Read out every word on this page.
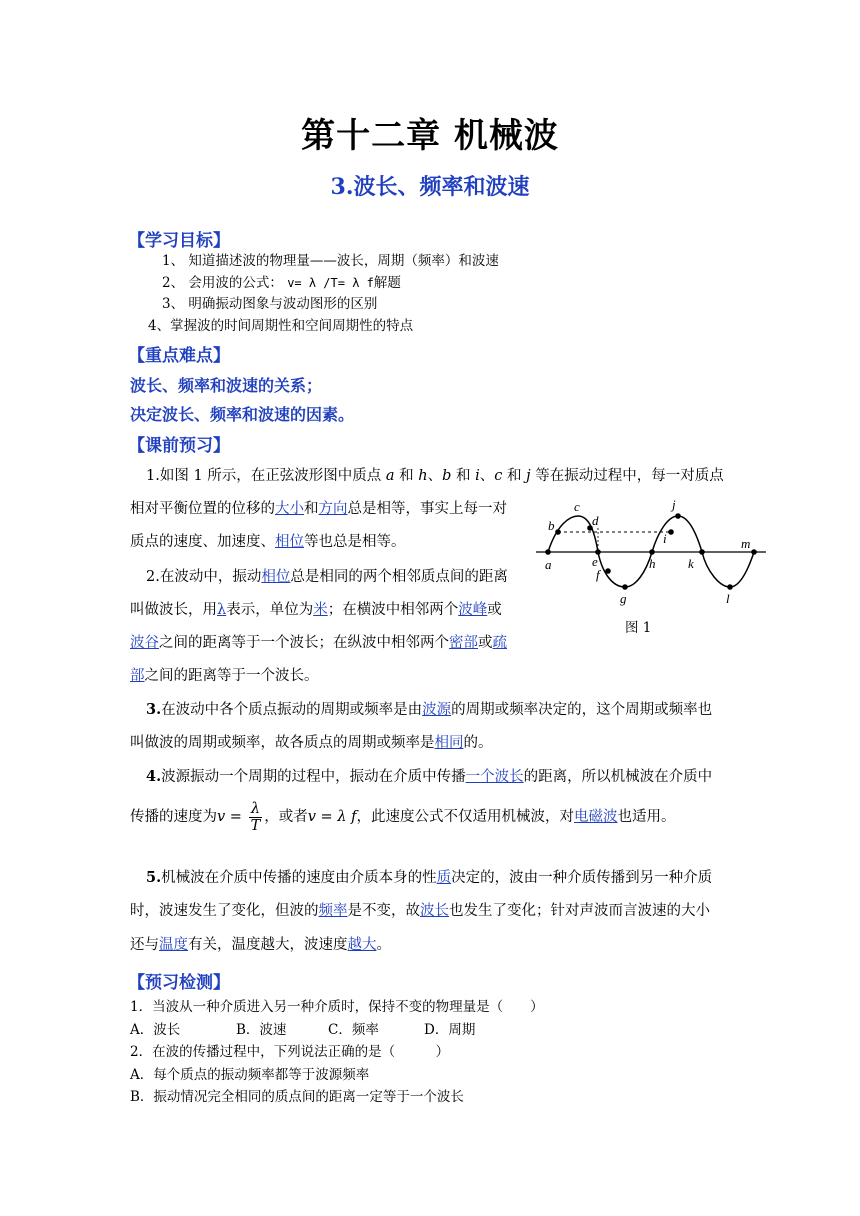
第十二章 机械波
3.波长、频率和波速
【学习目标】
1、 知道描述波的物理量——波长，周期（频率）和波速
2、 会用波的公式： v= λ /T= λ f解题
3、 明确振动图象与波动图形的区别
4、掌握波的时间周期性和空间周期性的特点
【重点难点】
波长、频率和波速的关系；
决定波长、频率和波速的因素。
【课前预习】
1.如图 1 所示，在正弦波形图中质点 a 和 h、b 和 i、c 和 j 等在振动过程中，每一对质点
相对平衡位置的位移的大小和方向总是相等，事实上每一对
质点的速度、加速度、相位等也总是相等。
2.在波动中，振动相位总是相同的两个相邻质点间的距离
叫做波长，用λ表示，单位为米；在横波中相邻两个波峰或
波谷之间的距离等于一个波长；在纵波中相邻两个密部或疏
部之间的距离等于一个波长。
a
b
c
d
e
f
g
h
i
j
k
l
m
图 1
3.在波动中各个质点振动的周期或频率是由波源的周期或频率决定的，这个周期或频率也
叫做波的周期或频率，故各质点的周期或频率是相同的。
4.波源振动一个周期的过程中，振动在介质中传播一个波长的距离，所以机械波在介质中
传播的速度为$v = \frac{\lambda}{T}$ ，或者v = λ f，此速度公式不仅适用机械波，对电磁波也适用。
5.机械波在介质中传播的速度由介质本身的性质决定的，波由一种介质传播到另一种介质
时，波速发生了变化，但波的频率是不变，故波长也发生了变化；针对声波而言波速的大小
还与温度有关，温度越大，波速度越大。
【预习检测】
1．当波从一种介质进入另一种介质时，保持不变的物理量是（　　）
A．波长	B．波速	C．频率	D．周期
2．在波的传播过程中，下列说法正确的是（　　　）
A．每个质点的振动频率都等于波源频率
B．振动情况完全相同的质点间的距离一定等于一个波长
